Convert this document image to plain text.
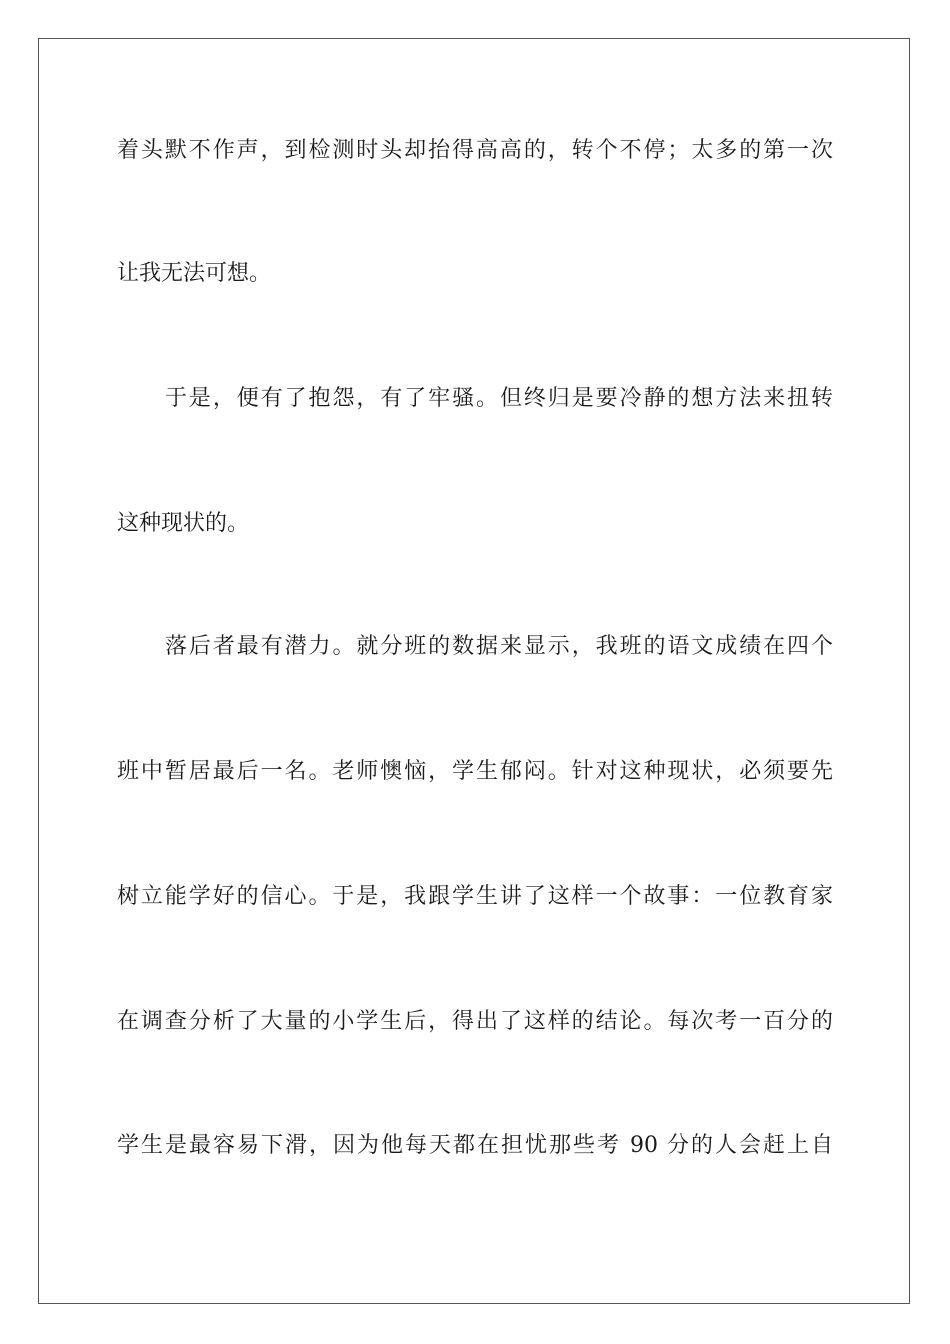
着头默不作声，到检测时头却抬得高高的，转个不停；太多的第一次
让我无法可想。
于是，便有了抱怨，有了牢骚。但终归是要冷静的想方法来扭转
这种现状的。
落后者最有潜力。就分班的数据来显示，我班的语文成绩在四个
班中暂居最后一名。老师懊恼，学生郁闷。针对这种现状，必须要先
树立能学好的信心。于是，我跟学生讲了这样一个故事：一位教育家
在调查分析了大量的小学生后，得出了这样的结论。每次考一百分的
学生是最容易下滑，因为他每天都在担忧那些考 90 分的人会赶上自
